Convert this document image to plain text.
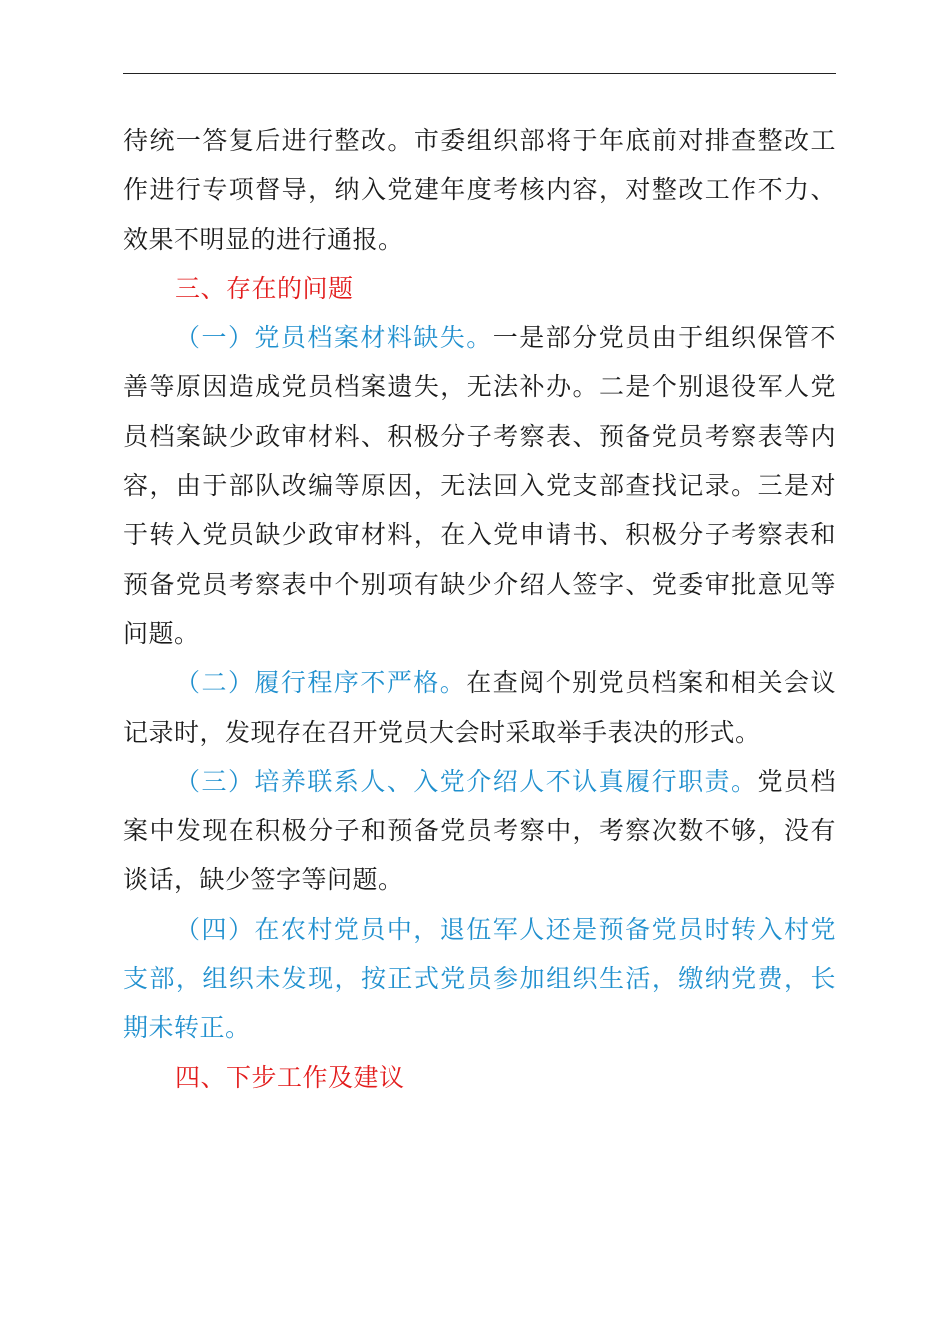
待统一答复后进行整改。市委组织部将于年底前对排查整改工作进行专项督导，纳入党建年度考核内容，对整改工作不力、效果不明显的进行通报。

三、存在的问题

（一）党员档案材料缺失。一是部分党员由于组织保管不善等原因造成党员档案遗失，无法补办。二是个别退役军人党员档案缺少政审材料、积极分子考察表、预备党员考察表等内容，由于部队改编等原因，无法回入党支部查找记录。三是对于转入党员缺少政审材料，在入党申请书、积极分子考察表和预备党员考察表中个别项有缺少介绍人签字、党委审批意见等问题。

（二）履行程序不严格。在查阅个别党员档案和相关会议记录时，发现存在召开党员大会时采取举手表决的形式。

（三）培养联系人、入党介绍人不认真履行职责。党员档案中发现在积极分子和预备党员考察中，考察次数不够，没有谈话，缺少签字等问题。

（四）在农村党员中，退伍军人还是预备党员时转入村党支部，组织未发现，按正式党员参加组织生活，缴纳党费，长期未转正。

四、下步工作及建议
